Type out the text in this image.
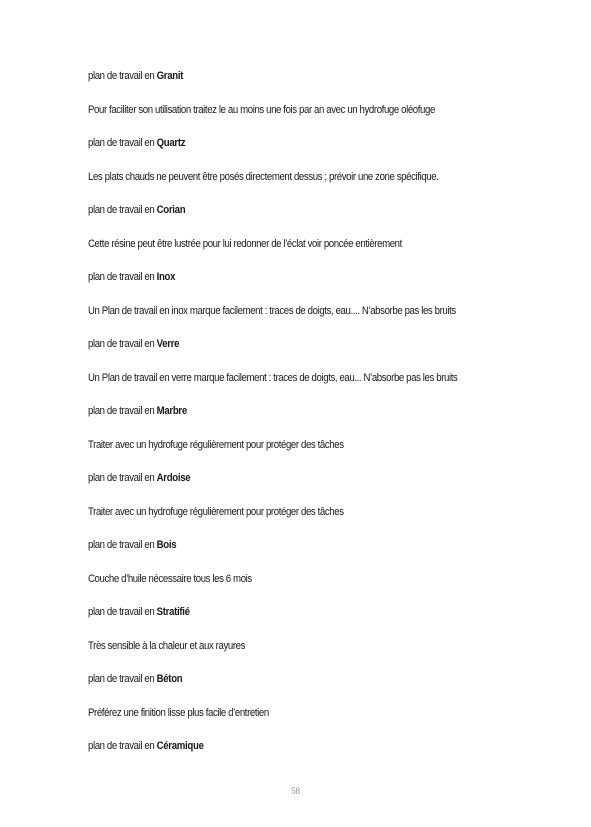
plan de travail en Granit
Pour faciliter son utilisation traitez le au moins une fois par an avec un hydrofuge oléofuge
plan de travail en Quartz
Les plats chauds ne peuvent être posés directement dessus ; prévoir une zone spécifique.
plan de travail en Corian
Cette résine peut être lustrée pour lui redonner de l’éclat voir poncée entièrement
plan de travail en Inox
Un Plan de travail en inox marque facilement : traces de doigts, eau.... N’absorbe pas les bruits
plan de travail en Verre
Un Plan de travail en verre marque facilement : traces de doigts, eau... N’absorbe pas les bruits
plan de travail en Marbre
Traiter avec un hydrofuge régulièrement pour protéger des tâches
plan de travail en Ardoise
Traiter avec un hydrofuge régulièrement pour protéger des tâches
plan de travail en Bois
Couche d’huile nécessaire tous les 6 mois
plan de travail en Stratifié
Très sensible à la chaleur et aux rayures
plan de travail en Béton
Préférez une finition lisse plus facile d’entretien
plan de travail en Céramique
58
